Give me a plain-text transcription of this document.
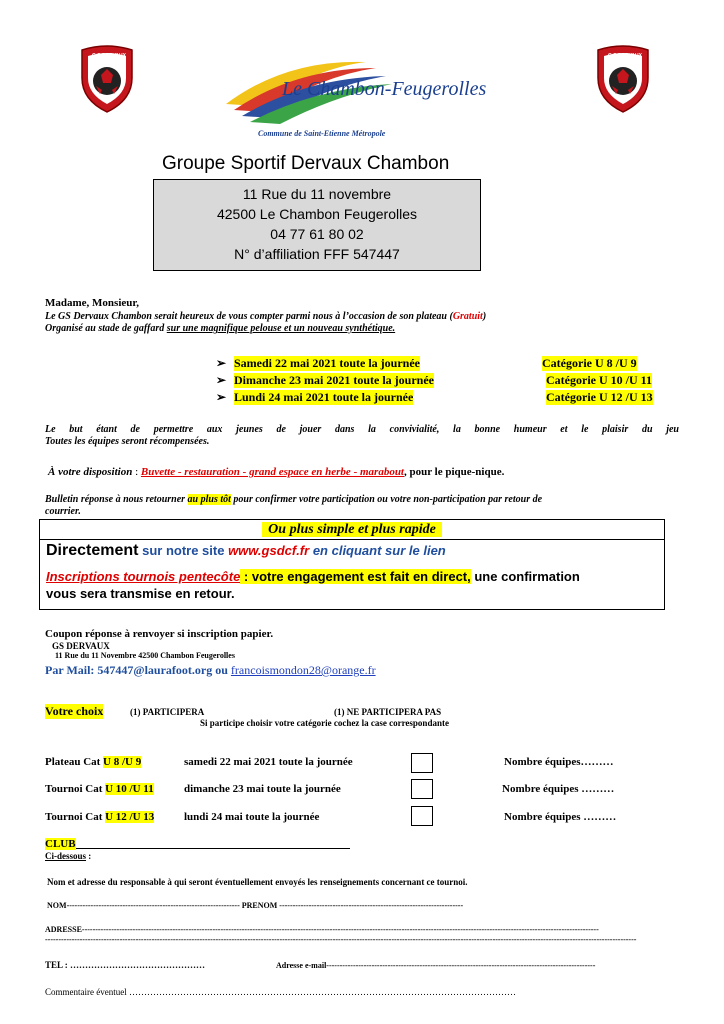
G.S.DERVAUX	G.S.DERVAUX
Le Chambon-Feugerolles
Commune de Saint-Etienne Métropole
Groupe Sportif Dervaux Chambon
11 Rue du 11 novembre
42500 Le Chambon Feugerolles
04 77 61 80 02
N° d’affiliation FFF 547447
Madame, Monsieur,
Le GS Dervaux Chambon serait heureux de vous compter parmi nous à l’occasion de son plateau (Gratuit)
Organisé au stade de gaffard sur une magnifique pelouse et un nouveau synthétique.
➢ Samedi 22 mai 2021 toute la journée	Catégorie U 8 /U 9
➢ Dimanche 23 mai 2021 toute la journée	Catégorie U 10 /U 11
➢ Lundi 24 mai 2021 toute la journée	Catégorie U 12 /U 13
Le but étant de permettre aux jeunes de jouer dans la convivialité, la bonne humeur et le plaisir du jeu
Toutes les équipes seront récompensées.
À votre disposition : Buvette - restauration - grand espace en herbe - marabout, pour le pique-nique.
Bulletin réponse à nous retourner au plus tôt pour confirmer votre participation ou votre non-participation par retour de
courrier.
Ou plus simple et plus rapide
Directement sur notre site www.gsdcf.fr en cliquant sur le lien
Inscriptions tournois pentecôte : votre engagement est fait en direct, une confirmation
vous sera transmise en retour.
Coupon réponse à renvoyer si inscription papier.
GS DERVAUX
11 Rue du 11 Novembre 42500 Chambon Feugerolles
Par Mail: 547447@laurafoot.org ou francoismondon28@orange.fr
Votre choix	(1) PARTICIPERA	(1) NE PARTICIPERA PAS
Si participe choisir votre catégorie cochez la case correspondante
Plateau Cat U 8 /U 9	samedi 22 mai 2021 toute la journée	Nombre équipes………
Tournoi Cat U 10 /U 11	dimanche 23 mai toute la journée	Nombre équipes ………
Tournoi Cat U 12 /U 13	lundi 24 mai toute la journée	Nombre équipes ………
CLUB
Ci-dessous :
Nom et adresse du responsable à qui seront éventuellement envoyés les renseignements concernant ce tournoi.
NOM----------------------------------------------------------------- PRENOM ---------------------------------------------------------------------
ADRESSE--------------------------------------------------------------------------------------------------------------------------------------------------------------------------------------------------
------------------------------------------------------------------------------------------------------------------------------------------------------------------------------------------------------------------------------
TEL : ………………………………………	Adresse e-mail-----------------------------------------------------------------------------------------------------
Commentaire éventuel …………………………………………………………………………………………………………………
